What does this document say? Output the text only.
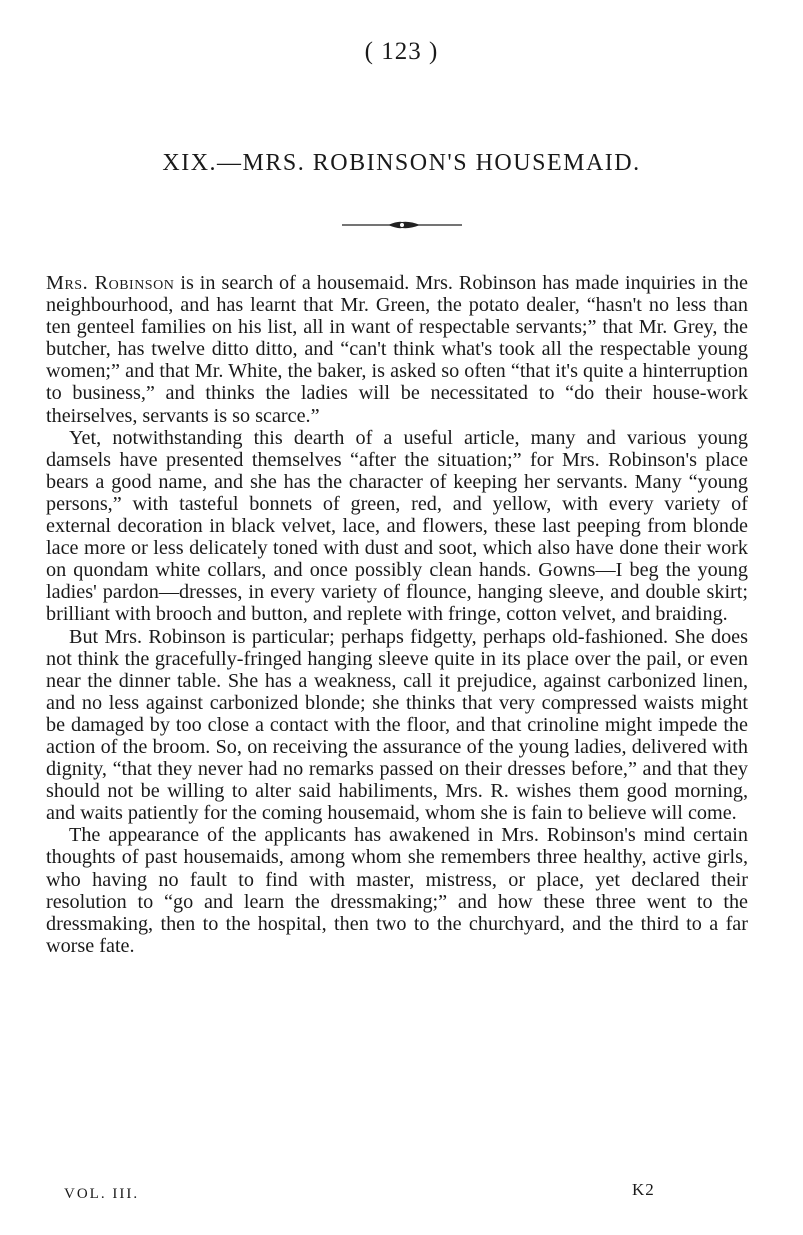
( 123 )
XIX.—MRS. ROBINSON'S HOUSEMAID.

Mrs. Robinson is in search of a housemaid. Mrs. Robinson has made inquiries in the neighbourhood, and has learnt that Mr. Green, the potato dealer, “hasn't no less than ten genteel families on his list, all in want of respectable servants;” that Mr. Grey, the butcher, has twelve ditto ditto, and “can't think what's took all the respectable young women;” and that Mr. White, the baker, is asked so often “that it's quite a hinterruption to business,” and thinks the ladies will be necessitated to “do their house-work theirselves, servants is so scarce.”

Yet, notwithstanding this dearth of a useful article, many and various young damsels have presented themselves “after the situation;” for Mrs. Robinson's place bears a good name, and she has the character of keeping her servants. Many “young persons,” with tasteful bonnets of green, red, and yellow, with every variety of external decoration in black velvet, lace, and flowers, these last peeping from blonde lace more or less delicately toned with dust and soot, which also have done their work on quondam white collars, and once possibly clean hands. Gowns—I beg the young ladies' pardon—dresses, in every variety of flounce, hanging sleeve, and double skirt; brilliant with brooch and button, and replete with fringe, cotton velvet, and braiding.

But Mrs. Robinson is particular; perhaps fidgetty, perhaps old-fashioned. She does not think the gracefully-fringed hanging sleeve quite in its place over the pail, or even near the dinner table. She has a weakness, call it prejudice, against carbonized linen, and no less against carbonized blonde; she thinks that very compressed waists might be damaged by too close a contact with the floor, and that crinoline might impede the action of the broom. So, on receiving the assurance of the young ladies, delivered with dignity, “that they never had no remarks passed on their dresses before,” and that they should not be willing to alter said habiliments, Mrs. R. wishes them good morning, and waits patiently for the coming housemaid, whom she is fain to believe will come.

The appearance of the applicants has awakened in Mrs. Robinson's mind certain thoughts of past housemaids, among whom she remembers three healthy, active girls, who having no fault to find with master, mistress, or place, yet declared their resolution to “go and learn the dressmaking;” and how these three went to the dressmaking, then to the hospital, then two to the churchyard, and the third to a far worse fate.

VOL. III.	K2
